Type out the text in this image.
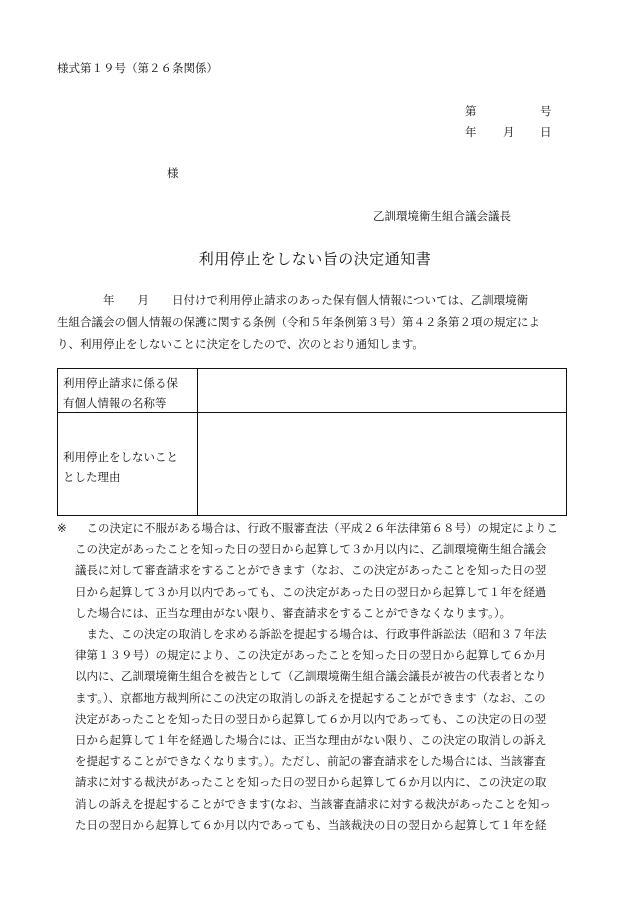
様式第１９号（第２６条関係）
第	号
年 月 日
様
乙訓環境衛生組合議会議長
利用停止をしない旨の決定通知書
　　　　年　　月　　日付けで利用停止請求のあった保有個人情報については、乙訓環境衛
生組合議会の個人情報の保護に関する条例（令和５年条例第３号）第４２条第２項の規定によ
り、利用停止をしないことに決定をしたので、次のとおり通知します。
利用停止請求に係る保
有個人情報の名称等
利用停止をしないこと
とした理由
※　この決定に不服がある場合は、行政不服審査法（平成２６年法律第６８号）の規定によりこ
この決定があったことを知った日の翌日から起算して３か月以内に、乙訓環境衛生組合議会
議長に対して審査請求をすることができます（なお、この決定があったことを知った日の翌
日から起算して３か月以内であっても、この決定があった日の翌日から起算して１年を経過
した場合には、正当な理由がない限り、審査請求をすることができなくなります。）。
　また、この決定の取消しを求める訴訟を提起する場合は、行政事件訴訟法（昭和３７年法
律第１３９号）の規定により、この決定があったことを知った日の翌日から起算して６か月
以内に、乙訓環境衛生組合を被告として（乙訓環境衛生組合議会議長が被告の代表者となり
ます。）、京都地方裁判所にこの決定の取消しの訴えを提起することができます（なお、この
決定があったことを知った日の翌日から起算して６か月以内であっても、この決定の日の翌
日から起算して１年を経過した場合には、正当な理由がない限り、この決定の取消しの訴え
を提起することができなくなります。）。ただし、前記の審査請求をした場合には、当該審査
請求に対する裁決があったことを知った日の翌日から起算して６か月以内に、この決定の取
消しの訴えを提起することができます(なお、当該審査請求に対する裁決があったことを知っ
た日の翌日から起算して６か月以内であっても、当該裁決の日の翌日から起算して１年を経
